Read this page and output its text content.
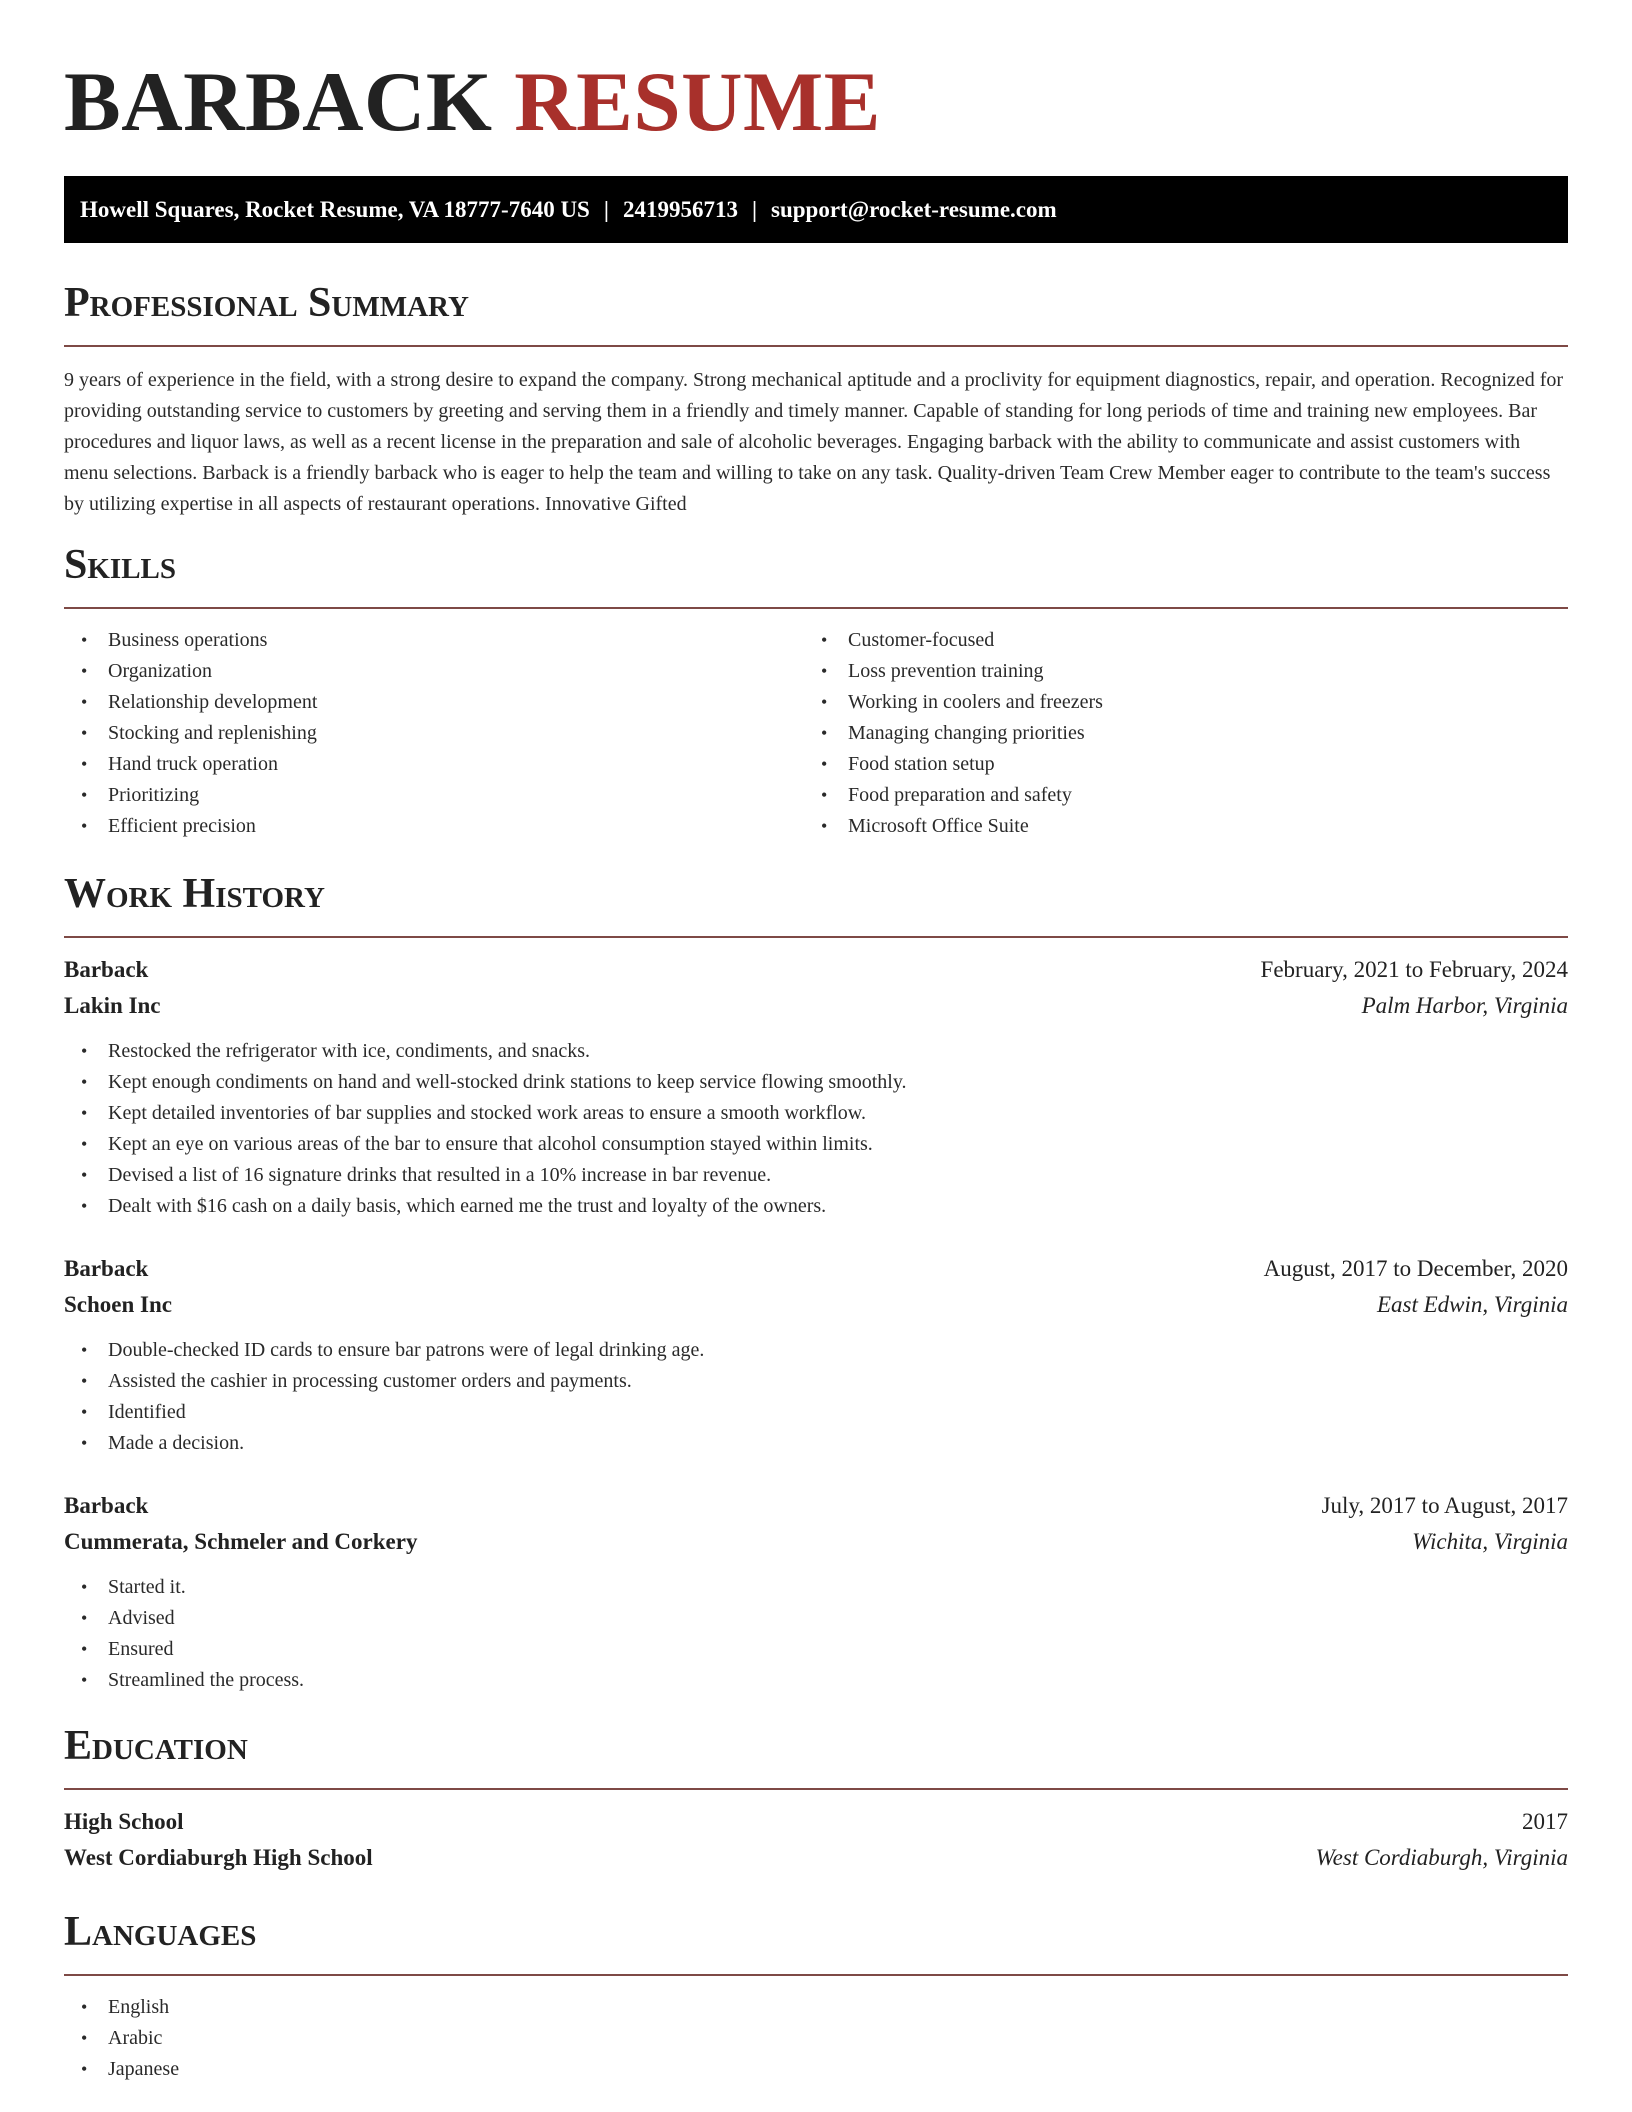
BARBACK RESUME
Howell Squares, Rocket Resume, VA 18777-7640 US | 2419956713 | support@rocket-resume.com
Professional Summary

9 years of experience in the field, with a strong desire to expand the company. Strong mechanical aptitude and a proclivity for equipment diagnostics, repair, and operation. Recognized for providing outstanding service to customers by greeting and serving them in a friendly and timely manner. Capable of standing for long periods of time and training new employees. Bar procedures and liquor laws, as well as a recent license in the preparation and sale of alcoholic beverages. Engaging barback with the ability to communicate and assist customers with menu selections. Barback is a friendly barback who is eager to help the team and willing to take on any task. Quality-driven Team Crew Member eager to contribute to the team's success by utilizing expertise in all aspects of restaurant operations. Innovative Gifted

Skills
• Business operations
• Organization
• Relationship development
• Stocking and replenishing
• Hand truck operation
• Prioritizing
• Efficient precision
• Customer-focused
• Loss prevention training
• Working in coolers and freezers
• Managing changing priorities
• Food station setup
• Food preparation and safety
• Microsoft Office Suite
Work History
Barback	February, 2021 to February, 2024
Lakin Inc	Palm Harbor, Virginia
• Restocked the refrigerator with ice, condiments, and snacks.
• Kept enough condiments on hand and well-stocked drink stations to keep service flowing smoothly.
• Kept detailed inventories of bar supplies and stocked work areas to ensure a smooth workflow.
• Kept an eye on various areas of the bar to ensure that alcohol consumption stayed within limits.
• Devised a list of 16 signature drinks that resulted in a 10% increase in bar revenue.
• Dealt with $16 cash on a daily basis, which earned me the trust and loyalty of the owners.
Barback	August, 2017 to December, 2020
Schoen Inc	East Edwin, Virginia
• Double-checked ID cards to ensure bar patrons were of legal drinking age.
• Assisted the cashier in processing customer orders and payments.
• Identified
• Made a decision.
Barback	July, 2017 to August, 2017
Cummerata, Schmeler and Corkery	Wichita, Virginia
• Started it.
• Advised
• Ensured
• Streamlined the process.
Education
High School	2017
West Cordiaburgh High School	West Cordiaburgh, Virginia
Languages
• English
• Arabic
• Japanese
